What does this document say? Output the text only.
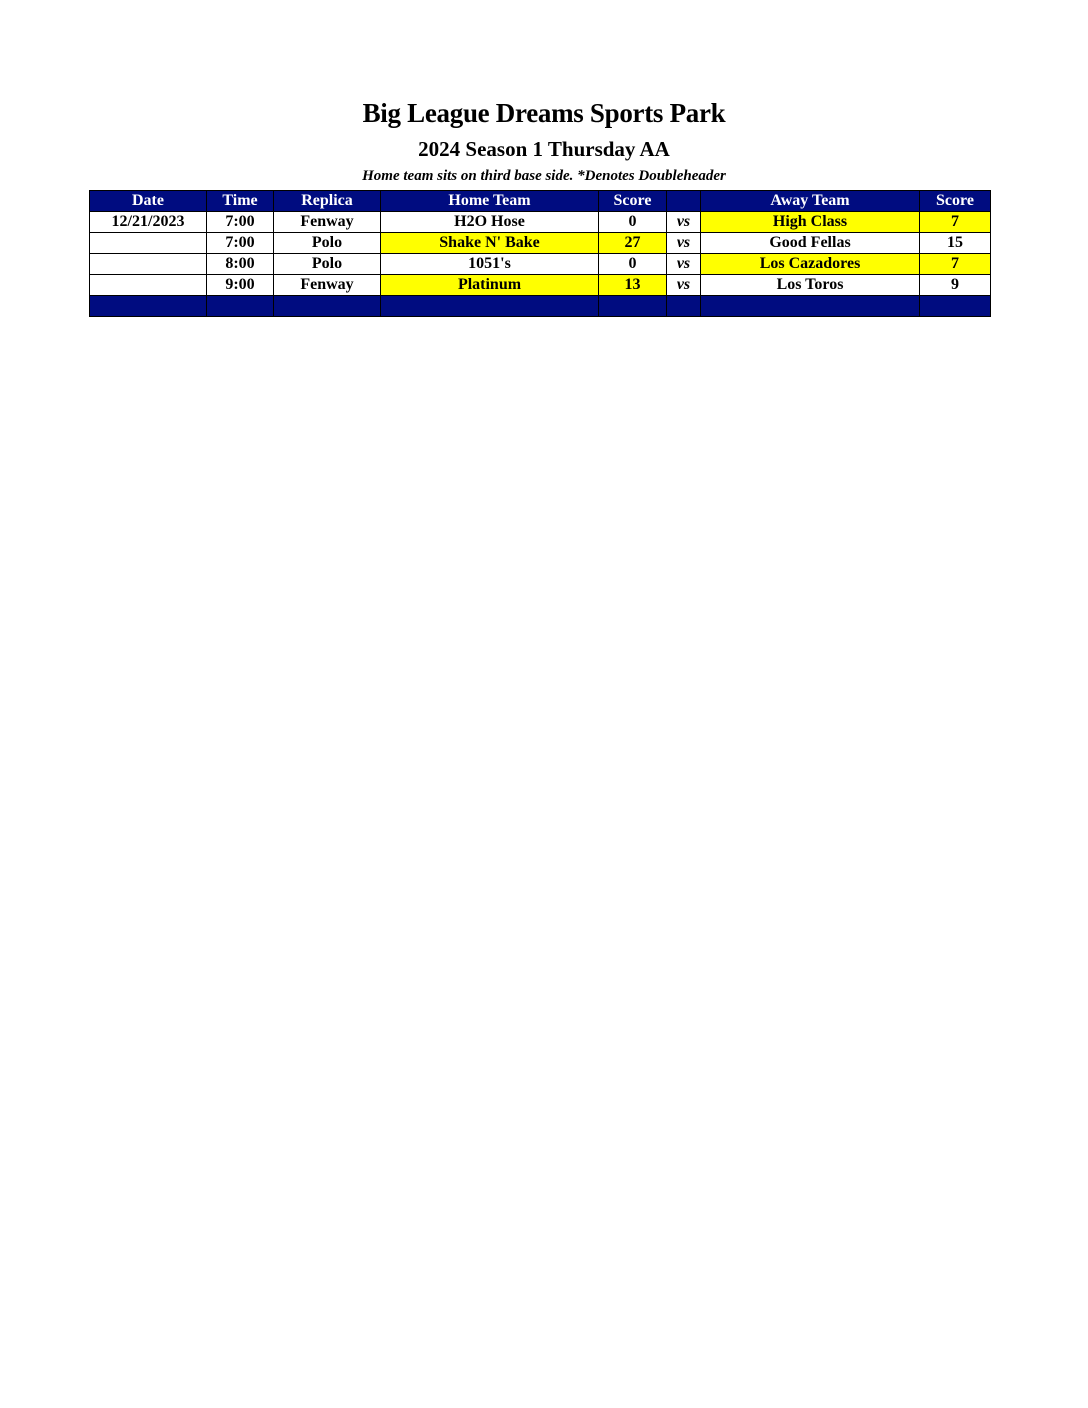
Big League Dreams Sports Park
2024 Season 1 Thursday AA
Home team sits on third base side. *Denotes Doubleheader
Date	Time	Replica	Home Team	Score		Away Team	Score
12/21/2023	7:00	Fenway	H2O Hose	0	vs	High Class	7
	7:00	Polo	Shake N' Bake	27	vs	Good Fellas	15
	8:00	Polo	1051's	0	vs	Los Cazadores	7
	9:00	Fenway	Platinum	13	vs	Los Toros	9
